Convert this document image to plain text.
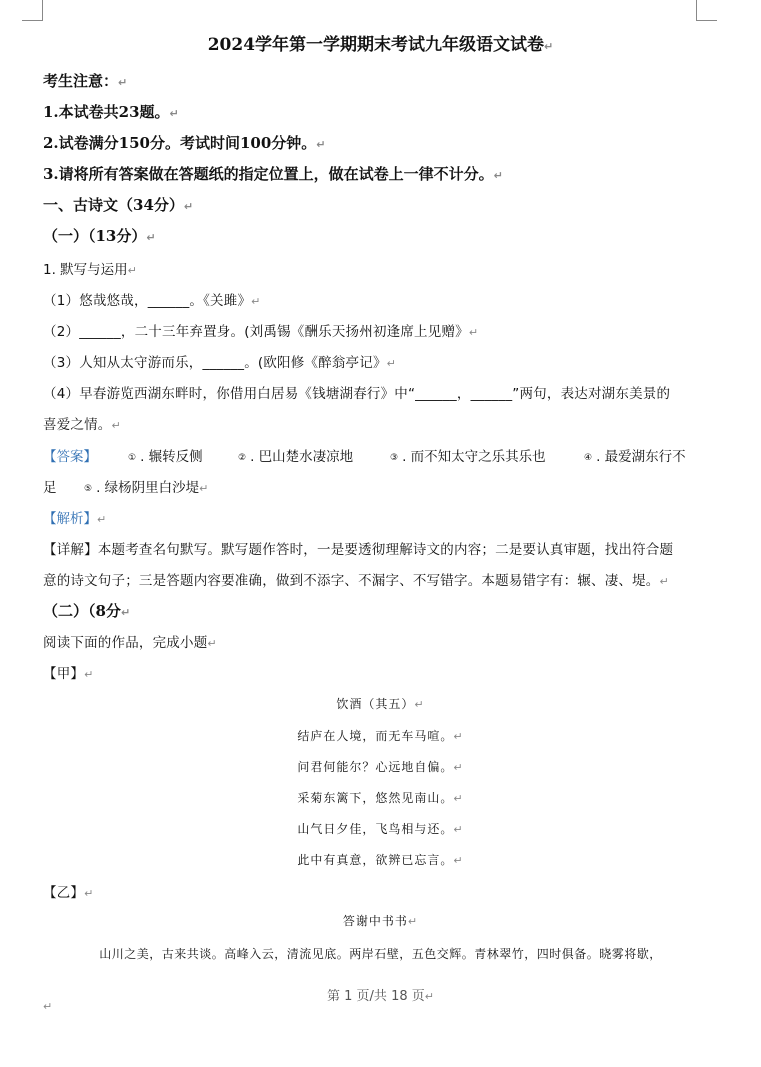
2024学年第一学期期末考试九年级语文试卷↵
考生注意：↵
1.本试卷共23题。↵
2.试卷满分150分。考试时间100分钟。↵
3.请将所有答案做在答题纸的指定位置上，做在试卷上一律不计分。↵
一、古诗文（34分）↵
（一）（13分）↵
1. 默写与运用↵
（1）悠哉悠哉，______。《关雎》↵
（2）______，二十三年弃置身。(刘禹锡《酬乐天扬州初逢席上见赠》↵
（3）人知从太守游而乐，______。(欧阳修《醉翁亭记》↵
（4）早春游览西湖东畔时，你借用白居易《钱塘湖春行》中“______，______”两句，表达对湖东美景的
喜爱之情。↵
【答案】	① . 辗转反侧	② . 巴山楚水凄凉地	③ . 而不知太守之乐其乐也	④ . 最爱湖东行不
足	⑤ . 绿杨阴里白沙堤↵
【解析】↵
【详解】本题考查名句默写。默写题作答时，一是要透彻理解诗文的内容；二是要认真审题，找出符合题
意的诗文句子；三是答题内容要准确，做到不添字、不漏字、不写错字。本题易错字有：辗、凄、堤。↵
（二）（8分↵
阅读下面的作品，完成小题↵
【甲】↵
饮酒（其五）↵
结庐在人境，而无车马喧。↵
问君何能尔？心远地自偏。↵
采菊东篱下，悠然见南山。↵
山气日夕佳，飞鸟相与还。↵
此中有真意，欲辨已忘言。↵
【乙】↵
答谢中书书↵
山川之美，古来共谈。高峰入云，清流见底。两岸石壁，五色交辉。青林翠竹，四时俱备。晓雾将歇，
第 1 页/共 18 页↵
↵
